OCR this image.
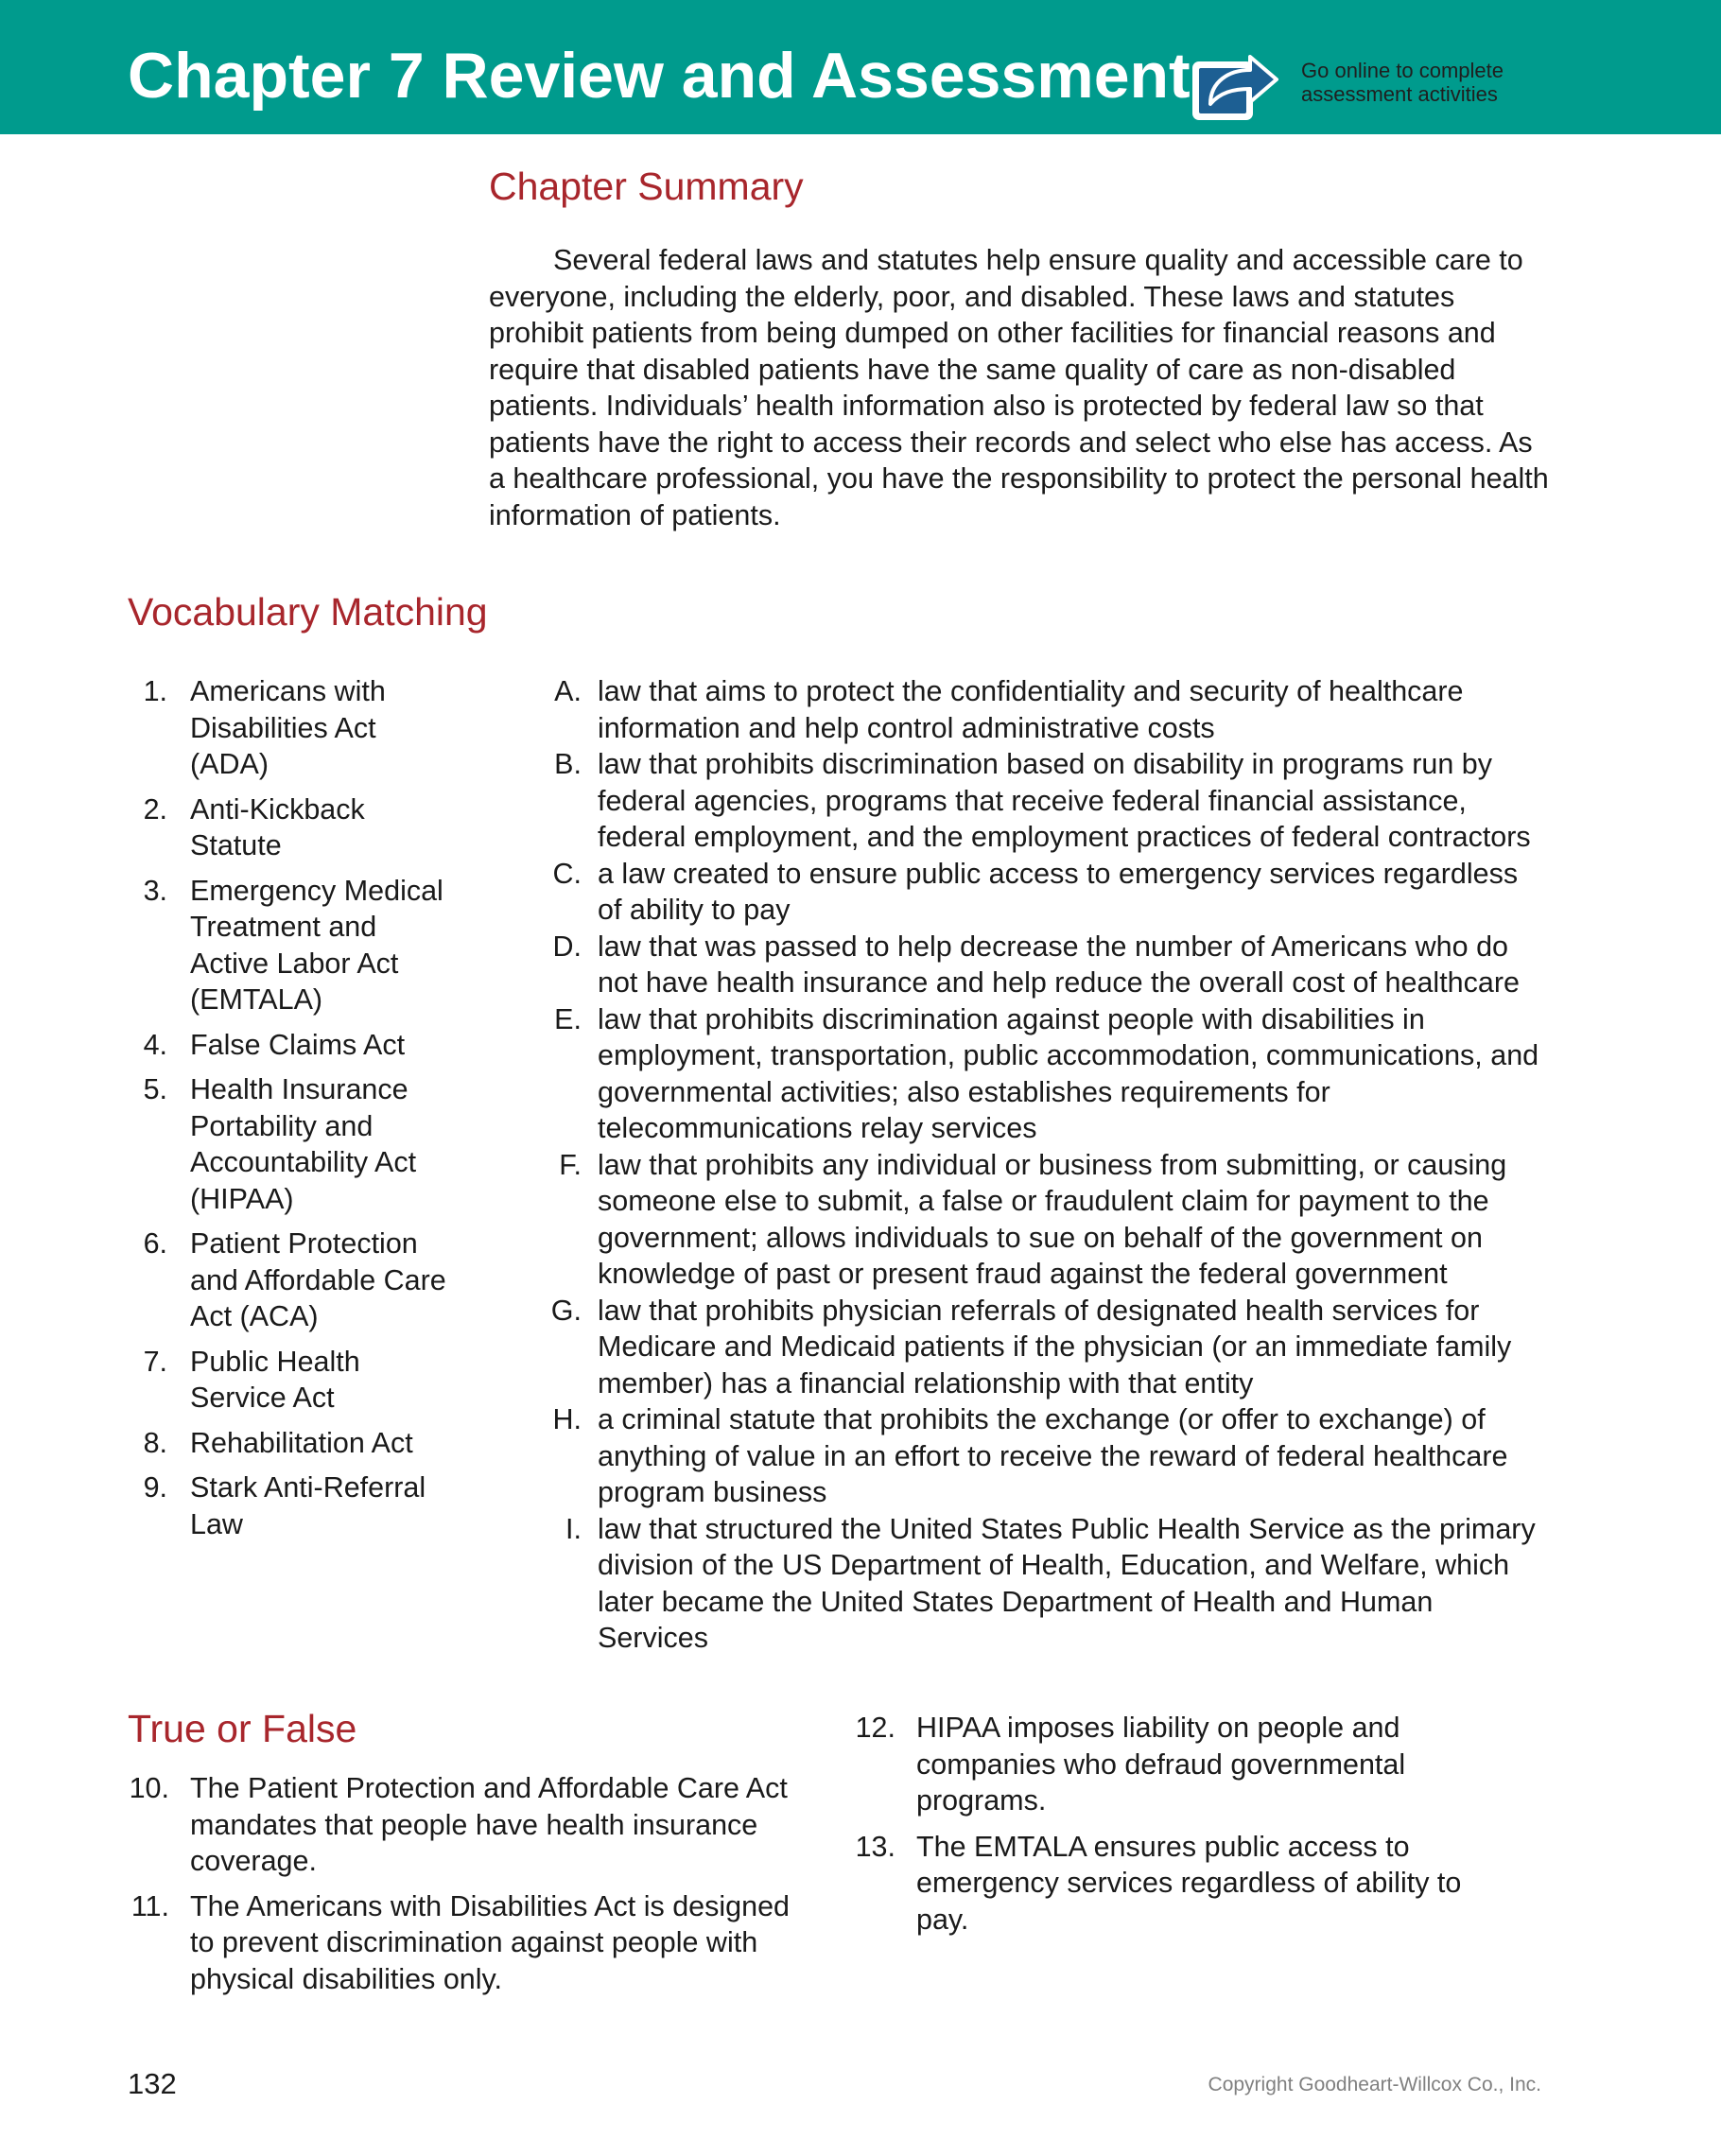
Chapter 7 Review and Assessment	Go online to complete
assessment activities
Chapter Summary

Several federal laws and statutes help ensure quality and accessible care to everyone, including the elderly, poor, and disabled. These laws and statutes prohibit patients from being dumped on other facilities for financial reasons and require that disabled patients have the same quality of care as non-disabled patients. Individuals’ health information also is protected by federal law so that patients have the right to access their records and select who else has access. As a healthcare professional, you have the responsibility to protect the personal health information of patients.

Vocabulary Matching
1. Americans with Disabilities Act (ADA)
2. Anti-Kickback Statute
3. Emergency Medical Treatment and Active Labor Act (EMTALA)
4. False Claims Act
5. Health Insurance Portability and Accountability Act (HIPAA)
6. Patient Protection and Affordable Care Act (ACA)
7. Public Health Service Act
8. Rehabilitation Act
9. Stark Anti-Referral Law
A. law that aims to protect the confidentiality and security of healthcare information and help control administrative costs
B. law that prohibits discrimination based on disability in programs run by federal agencies, programs that receive federal financial assistance, federal employment, and the employment practices of federal contractors
C. a law created to ensure public access to emergency services regardless of ability to pay
D. law that was passed to help decrease the number of Americans who do not have health insurance and help reduce the overall cost of healthcare
E. law that prohibits discrimination against people with disabilities in employment, transportation, public accommodation, communications, and governmental activities; also establishes requirements for telecommunications relay services
F. law that prohibits any individual or business from submitting, or causing someone else to submit, a false or fraudulent claim for payment to the government; allows individuals to sue on behalf of the government on knowledge of past or present fraud against the federal government
G. law that prohibits physician referrals of designated health services for Medicare and Medicaid patients if the physician (or an immediate family member) has a financial relationship with that entity
H. a criminal statute that prohibits the exchange (or offer to exchange) of anything of value in an effort to receive the reward of federal healthcare program business
I. law that structured the United States Public Health Service as the primary division of the US Department of Health, Education, and Welfare, which later became the United States Department of Health and Human Services
True or False
10. The Patient Protection and Affordable Care Act mandates that people have health insurance coverage.
11. The Americans with Disabilities Act is designed to prevent discrimination against people with physical disabilities only.
12. HIPAA imposes liability on people and companies who defraud governmental programs.
13. The EMTALA ensures public access to emergency services regardless of ability to pay.
132	Copyright Goodheart-Willcox Co., Inc.
